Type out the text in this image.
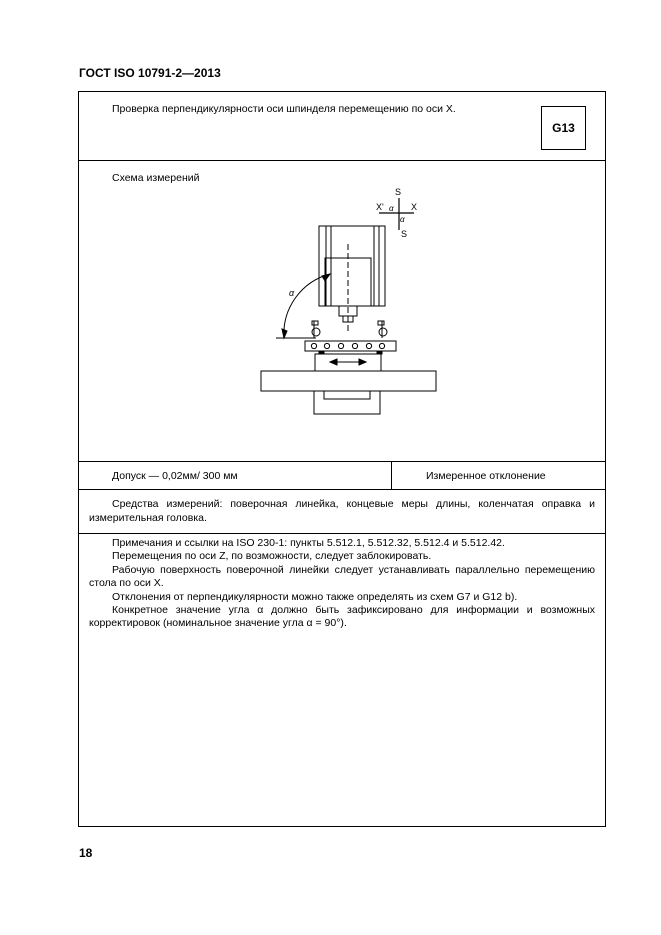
ГОСТ ISO 10791-2—2013
Проверка перпендикулярности оси шпинделя перемещению по оси X.
G13
Схема измерений
S
S
X'	X
α
α
α
Допуск — 0,02мм/ 300 мм	Измеренное отклонение

Средства измерений: поверочная линейка, концевые меры длины, коленчатая оправка и измерительная головка.

Примечания и ссылки на ISO 230-1: пункты 5.512.1, 5.512.32, 5.512.4 и 5.512.42.

Перемещения по оси Z, по возможности, следует заблокировать.

Рабочую поверхность поверочной линейки следует устанавливать параллельно перемещению стола по оси X.

Отклонения от перпендикулярности можно также определять из схем G7 и G12 b).

Конкретное значение угла α должно быть зафиксировано для информации и возможных корректировок (номинальное значение угла α = 90°).

18
